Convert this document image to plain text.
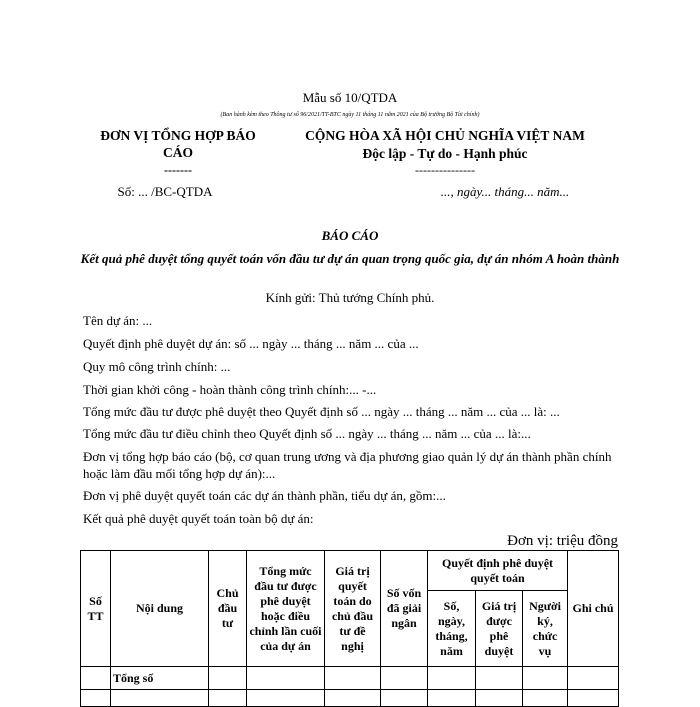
Mẫu số 10/QTDA
(Ban hành kèm theo Thông tư số 96/2021/TT-BTC ngày 11 tháng 11 năm 2021 của Bộ trưởng Bộ Tài chính)
ĐƠN VỊ TỔNG HỢP BÁO CÁO
-------
CỘNG HÒA XÃ HỘI CHỦ NGHĨA VIỆT NAM
Độc lập - Tự do - Hạnh phúc
---------------
Số: ... /BC-QTDA	..., ngày... tháng... năm...
BÁO CÁO
Kết quả phê duyệt tổng quyết toán vốn đầu tư dự án quan trọng quốc gia, dự án nhóm A hoàn thành
Kính gửi: Thủ tướng Chính phủ.
Tên dự án: ...
Quyết định phê duyệt dự án: số ... ngày ... tháng ... năm ... của ...
Quy mô công trình chính: ...
Thời gian khởi công - hoàn thành công trình chính:... -...
Tổng mức đầu tư được phê duyệt theo Quyết định số ... ngày ... tháng ... năm ... của ... là: ...
Tổng mức đầu tư điều chỉnh theo Quyết định số ... ngày ... tháng ... năm ... của ... là:...
Đơn vị tổng hợp báo cáo (bộ, cơ quan trung ương và địa phương giao quản lý dự án thành phần chính hoặc làm đầu mối tổng hợp dự án):...
Đơn vị phê duyệt quyết toán các dự án thành phần, tiểu dự án, gồm:...
Kết quả phê duyệt quyết toán toàn bộ dự án:
Đơn vị: triệu đồng
Số TT	Nội dung	Chủ đầu tư	Tổng mức đầu tư được phê duyệt hoặc điều chỉnh lần cuối của dự án	Giá trị quyết toán do chủ đầu tư đề nghị	Số vốn đã giải ngân	Quyết định phê duyệt quyết toán			Ghi chú
						Số, ngày, tháng, năm	Giá trị được phê duyệt	Người ký, chức vụ	
	Tổng số								
